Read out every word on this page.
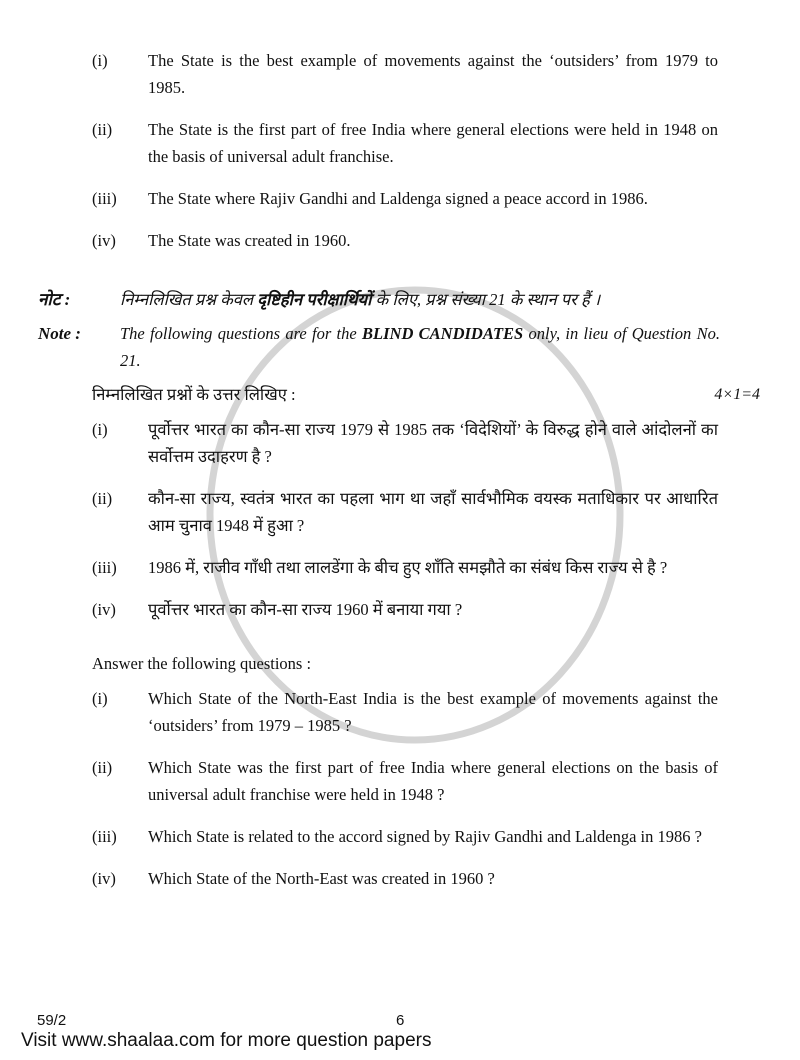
(i)	The State is the best example of movements against the ‘outsiders’ from 1979 to 1985.
(ii)	The State is the first part of free India where general elections were held in 1948 on the basis of universal adult franchise.
(iii)	The State where Rajiv Gandhi and Laldenga signed a peace accord in 1986.
(iv)	The State was created in 1960.
नोट :	निम्नलिखित प्रश्न केवल दृष्टिहीन परीक्षार्थियों के लिए, प्रश्न संख्या 21 के स्थान पर हैं ।
Note :	The following questions are for the BLIND CANDIDATES only, in lieu of Question No. 21.
निम्नलिखित प्रश्नों के उत्तर लिखिए :	4×1=4
(i)	पूर्वोत्तर भारत का कौन-सा राज्य 1979 से 1985 तक ‘विदेशियों’ के विरुद्ध होने वाले आंदोलनों का सर्वोत्तम उदाहरण है ?
(ii)	कौन-सा राज्य, स्वतंत्र भारत का पहला भाग था जहाँ सार्वभौमिक वयस्क मताधिकार पर आधारित आम चुनाव 1948 में हुआ ?
(iii)	1986 में, राजीव गाँधी तथा लालडेंगा के बीच हुए शाँति समझौते का संबंध किस राज्य से है ?
(iv)	पूर्वोत्तर भारत का कौन-सा राज्य 1960 में बनाया गया ?
Answer the following questions :
(i)	Which State of the North-East India is the best example of movements against the ‘outsiders’ from 1979 – 1985 ?
(ii)	Which State was the first part of free India where general elections on the basis of universal adult franchise were held in 1948 ?
(iii)	Which State is related to the accord signed by Rajiv Gandhi and Laldenga in 1986 ?
(iv)	Which State of the North-East was created in 1960 ?
59/2	6
Visit www.shaalaa.com for more question papers
